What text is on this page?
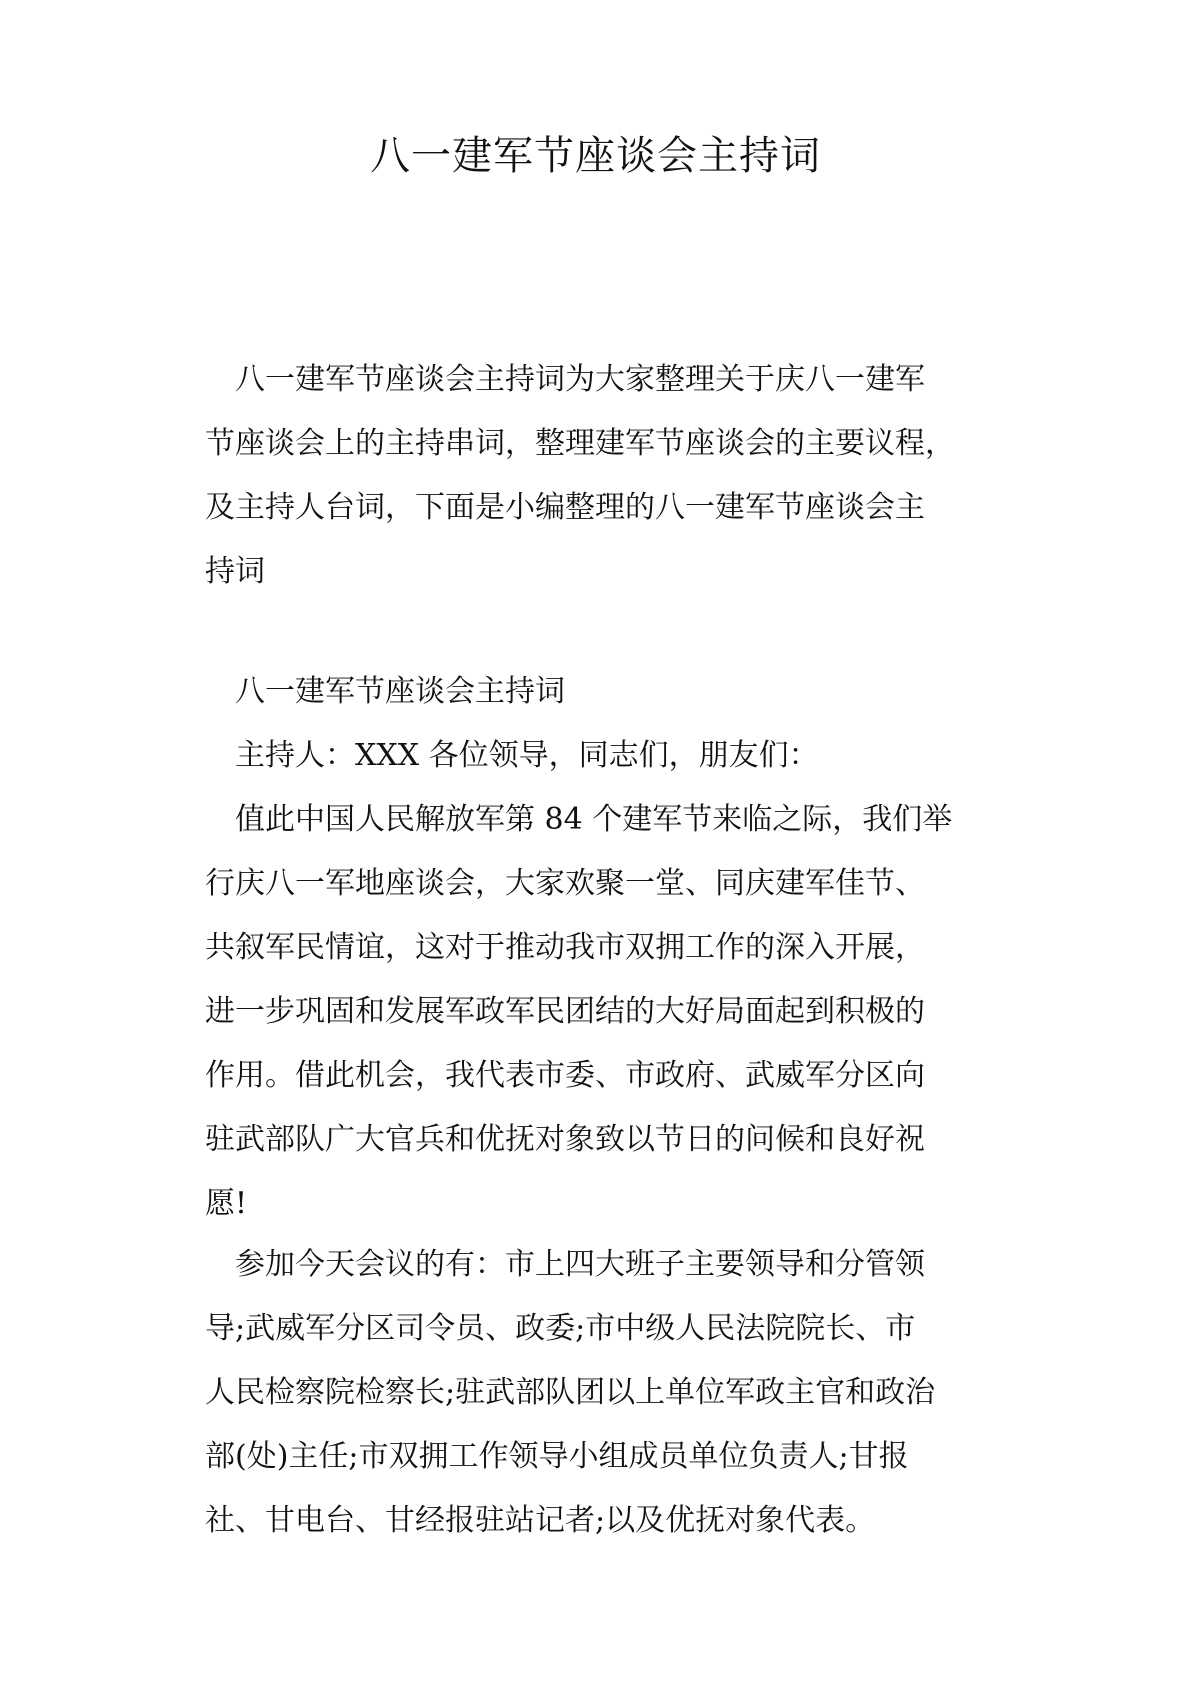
八一建军节座谈会主持词
八一建军节座谈会主持词为大家整理关于庆八一建军
节座谈会上的主持串词，整理建军节座谈会的主要议程，
及主持人台词，下面是小编整理的八一建军节座谈会主
持词
八一建军节座谈会主持词
主持人：XXX 各位领导，同志们，朋友们：
值此中国人民解放军第 84 个建军节来临之际，我们举
行庆八一军地座谈会，大家欢聚一堂、同庆建军佳节、
共叙军民情谊，这对于推动我市双拥工作的深入开展，
进一步巩固和发展军政军民团结的大好局面起到积极的
作用。借此机会，我代表市委、市政府、武威军分区向
驻武部队广大官兵和优抚对象致以节日的问候和良好祝
愿!
参加今天会议的有：市上四大班子主要领导和分管领
导;武威军分区司令员、政委;市中级人民法院院长、市
人民检察院检察长;驻武部队团以上单位军政主官和政治
部(处)主任;市双拥工作领导小组成员单位负责人;甘报
社、甘电台、甘经报驻站记者;以及优抚对象代表。
